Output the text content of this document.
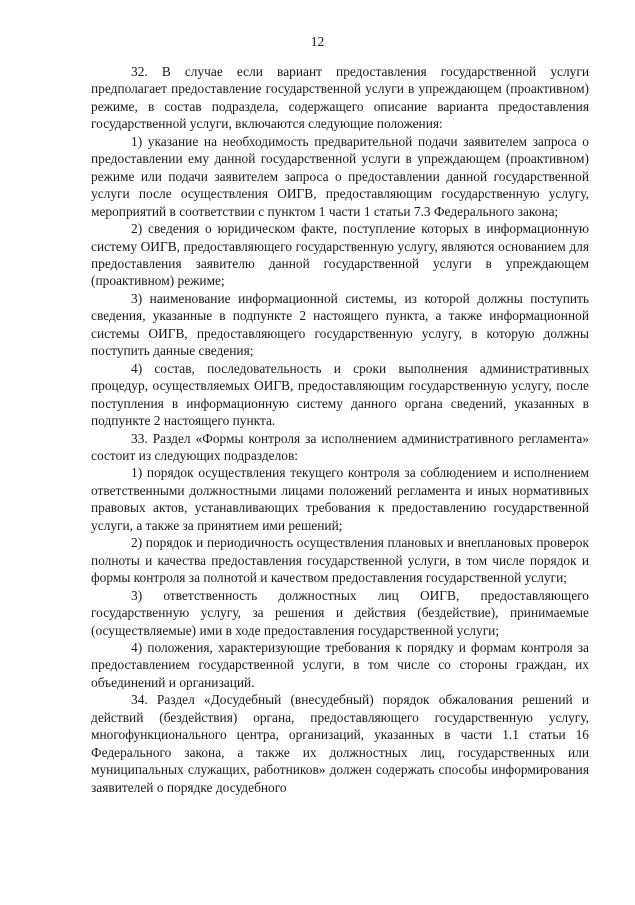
12

32. В случае если вариант предоставления государственной услуги предполагает предоставление государственной услуги в упреждающем (проактивном) режиме, в состав подраздела, содержащего описание варианта предоставления государственной услуги, включаются следующие положения:

1) указание на необходимость предварительной подачи заявителем запроса о предоставлении ему данной государственной услуги в упреждающем (проактивном) режиме или подачи заявителем запроса о предоставлении данной государственной услуги после осуществления ОИГВ, предоставляющим государственную услугу, мероприятий в соответствии с пунктом 1 части 1 статьи 7.3 Федерального закона;

2) сведения о юридическом факте, поступление которых в информационную систему ОИГВ, предоставляющего государственную услугу, являются основанием для предоставления заявителю данной государственной услуги в упреждающем (проактивном) режиме;

3) наименование информационной системы, из которой должны поступить сведения, указанные в подпункте 2 настоящего пункта, а также информационной системы ОИГВ, предоставляющего государственную услугу, в которую должны поступить данные сведения;

4) состав, последовательность и сроки выполнения административных процедур, осуществляемых ОИГВ, предоставляющим государственную услугу, после поступления в информационную систему данного органа сведений, указанных в подпункте 2 настоящего пункта.

33. Раздел «Формы контроля за исполнением административного регламента» состоит из следующих подразделов:

1) порядок осуществления текущего контроля за соблюдением и исполнением ответственными должностными лицами положений регламента и иных нормативных правовых актов, устанавливающих требования к предоставлению государственной услуги, а также за принятием ими решений;

2) порядок и периодичность осуществления плановых и внеплановых проверок полноты и качества предоставления государственной услуги, в том числе порядок и формы контроля за полнотой и качеством предоставления государственной услуги;

3) ответственность должностных лиц ОИГВ, предоставляющего государственную услугу, за решения и действия (бездействие), принимаемые (осуществляемые) ими в ходе предоставления государственной услуги;

4) положения, характеризующие требования к порядку и формам контроля за предоставлением государственной услуги, в том числе со стороны граждан, их объединений и организаций.

34. Раздел «Досудебный (внесудебный) порядок обжалования решений и действий (бездействия) органа, предоставляющего государственную услугу, многофункционального центра, организаций, указанных в части 1.1 статьи 16 Федерального закона, а также их должностных лиц, государственных или муниципальных служащих, работников» должен содержать способы информирования заявителей о порядке досудебного
